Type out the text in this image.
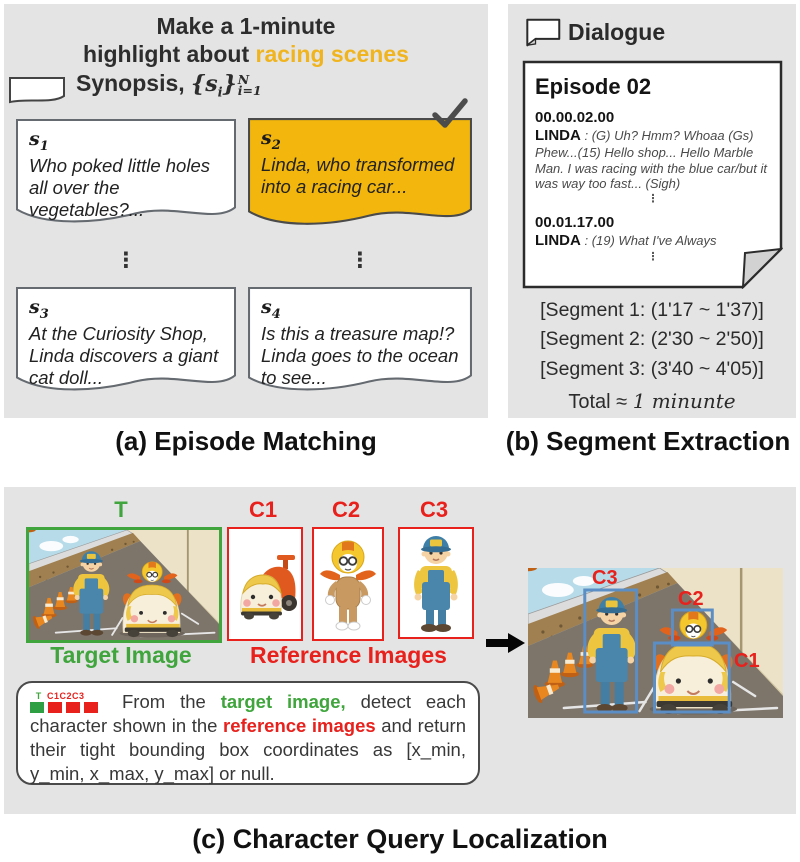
Make a 1-minute
highlight about racing scenes
Synopsis, $\{s_i\}$ N
i=1
$s_1$
Who poked little holes all over the vegetables?...
$s_2$
Linda, who transformed into a racing car...
⋮	⋮
$s_3$
At the Curiosity Shop, Linda discovers a giant cat doll...
$s_4$
Is this a treasure map!? Linda goes to the ocean to see...
(a) Episode Matching
Dialogue
Episode 02
00.00.02.00
LINDA : (G) Uh? Hmm? Whoaa (Gs) Phew...(15) Hello shop... Hello Marble Man. I was racing with the blue car/but it was way too fast... (Sigh)
⋮
00.01.17.00
LINDA : (19) What I've Always
⋮
[Segment 1: (1'17 ~ 1'37)]
[Segment 2: (2'30 ~ 2'50)]
[Segment 3: (3'40 ~ 4'05)]
Total ≈ 1 minunte
(b) Segment Extraction
T
Target Image
C1	C2	C3
Reference Images
C3
C2
C1
T C1C2C3	From the target image, detect each character shown in the reference images and return their tight bounding box coordinates as [x_min, y_min, x_max, y_max] or null.
(c) Character Query Localization
